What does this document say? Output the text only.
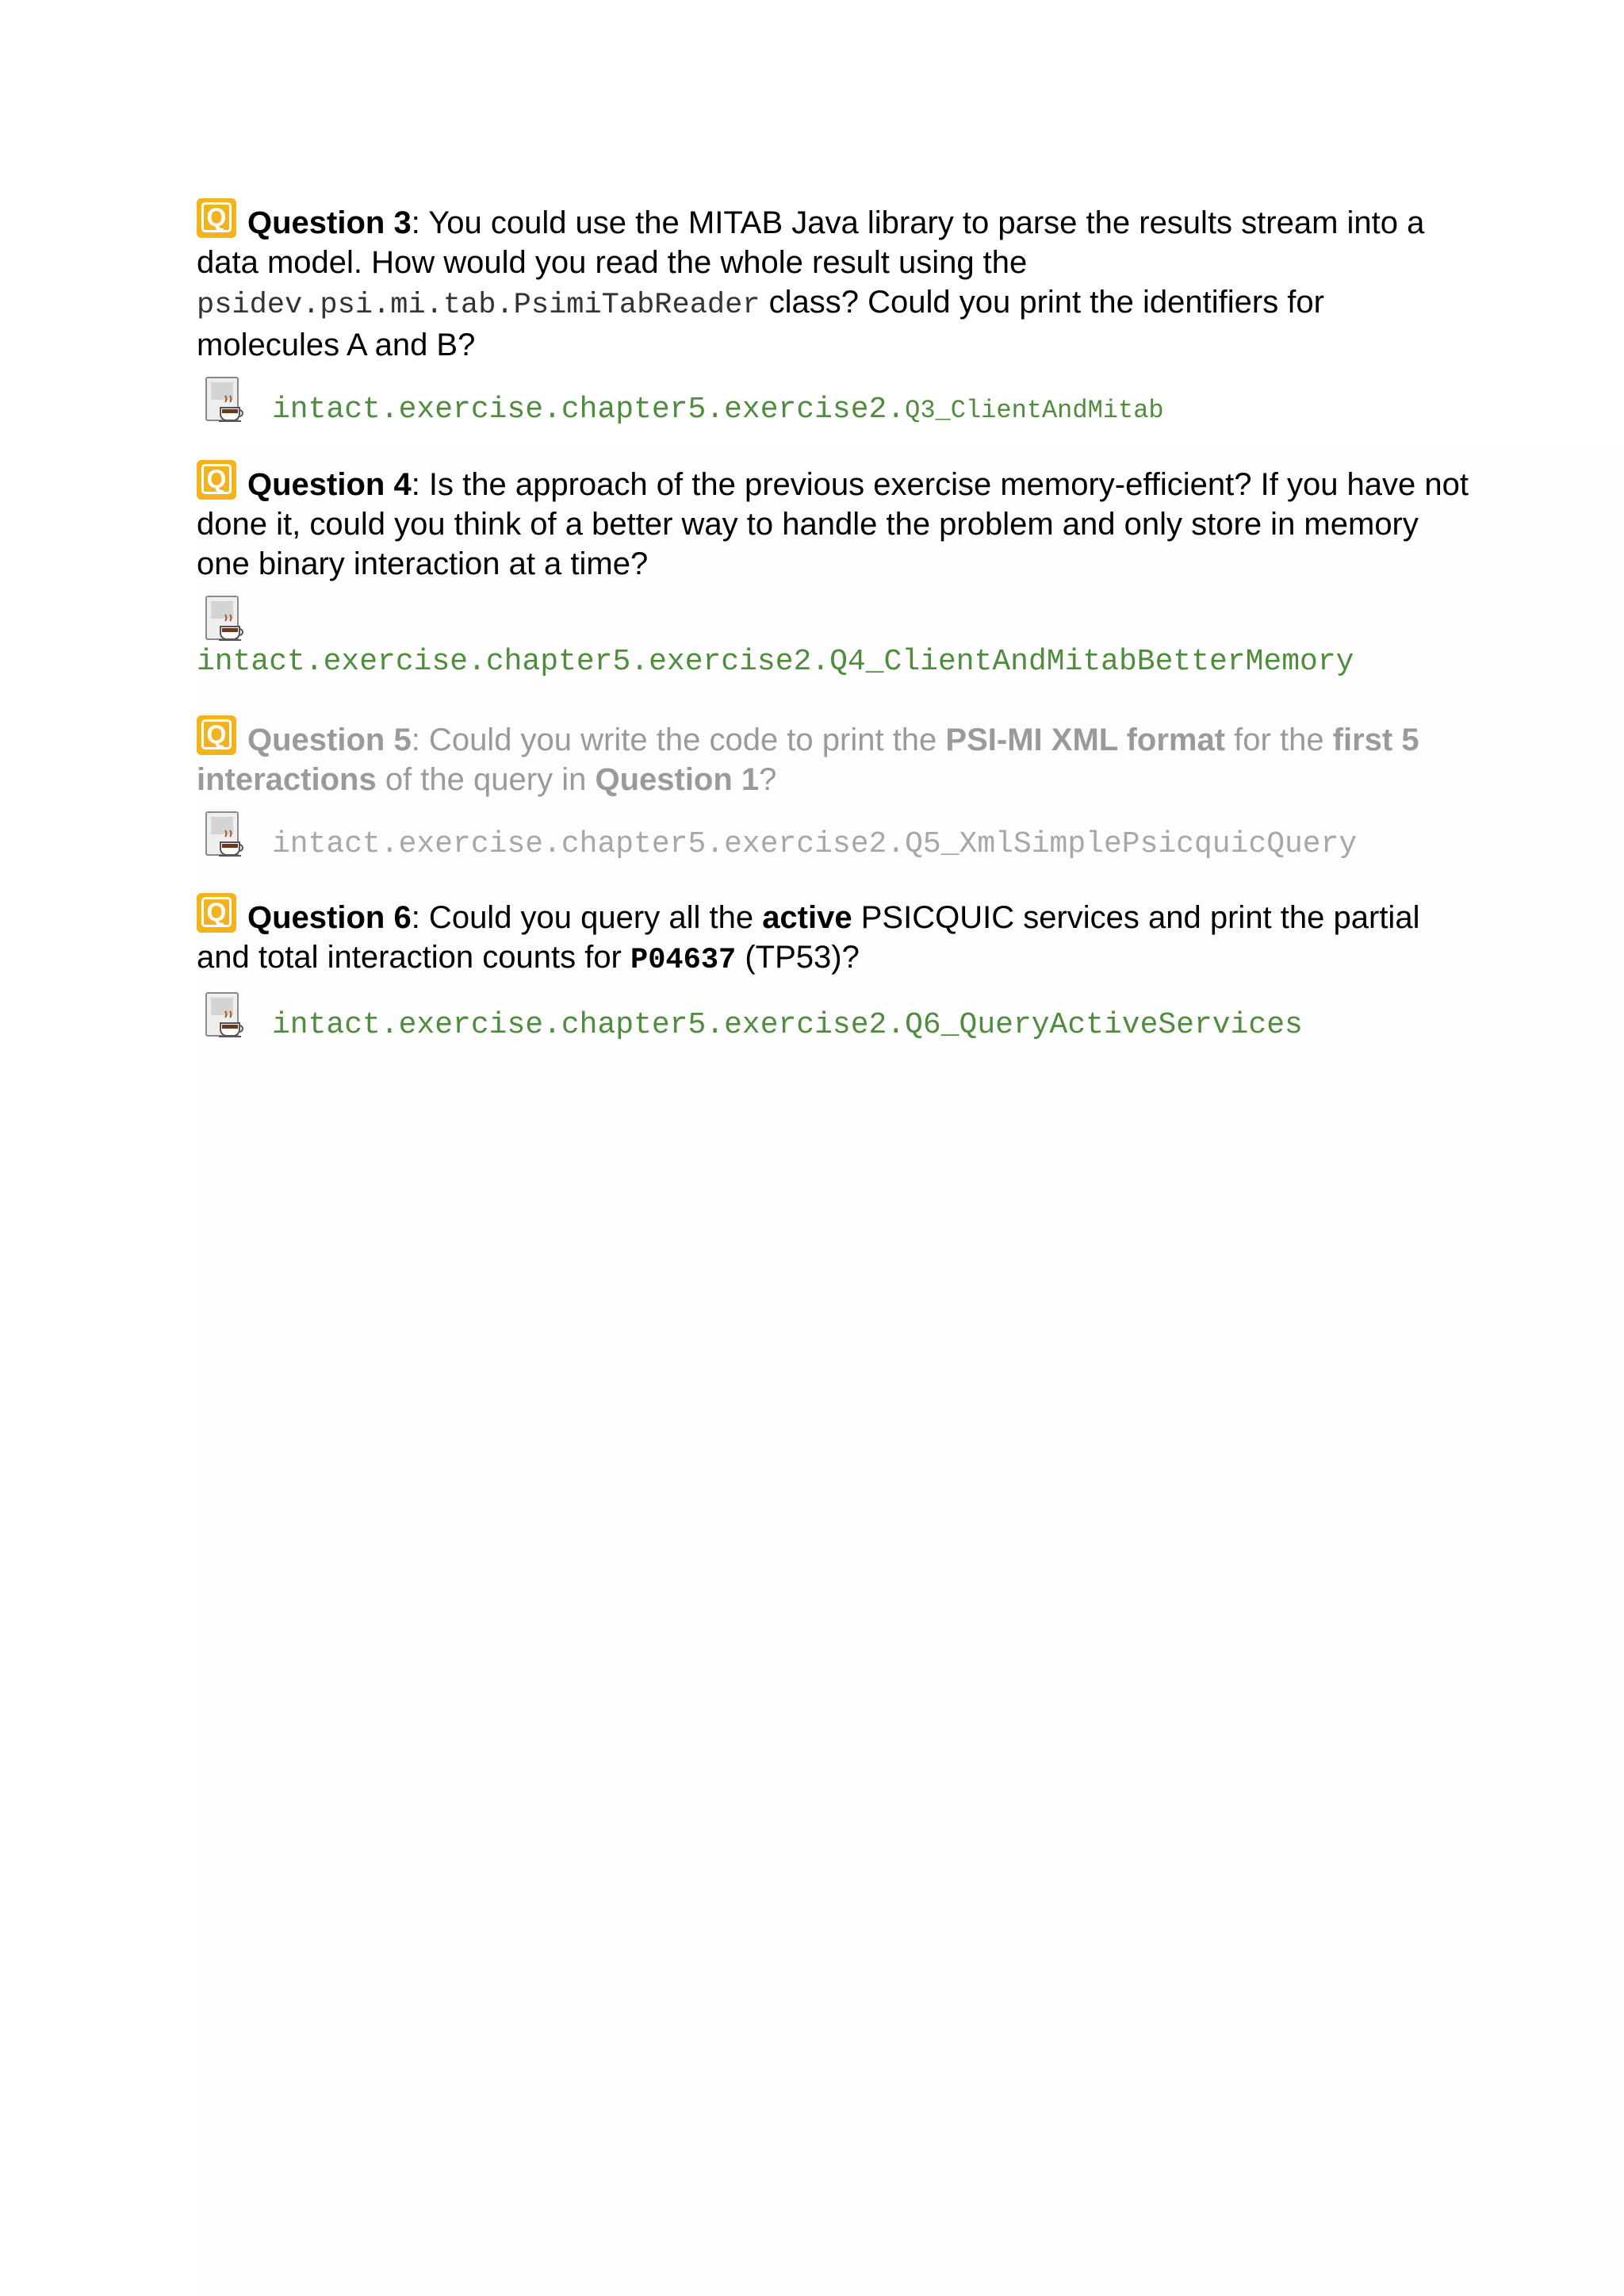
Q Question 3: You could use the MITAB Java library to parse the results stream into a data model. How would you read the whole result using the psidev.psi.mi.tab.PsimiTabReader class? Could you print the identifiers for molecules A and B?
intact.exercise.chapter5.exercise2.Q3_ClientAndMitab
Q Question 4: Is the approach of the previous exercise memory-efficient? If you have not done it, could you think of a better way to handle the problem and only store in memory one binary interaction at a time?
intact.exercise.chapter5.exercise2.Q4_ClientAndMitabBetterMemory
Q Question 5: Could you write the code to print the PSI-MI XML format for the first 5 interactions of the query in Question 1?
intact.exercise.chapter5.exercise2.Q5_XmlSimplePsicquicQuery
Q Question 6: Could you query all the active PSICQUIC services and print the partial and total interaction counts for P04637 (TP53)?
intact.exercise.chapter5.exercise2.Q6_QueryActiveServices
